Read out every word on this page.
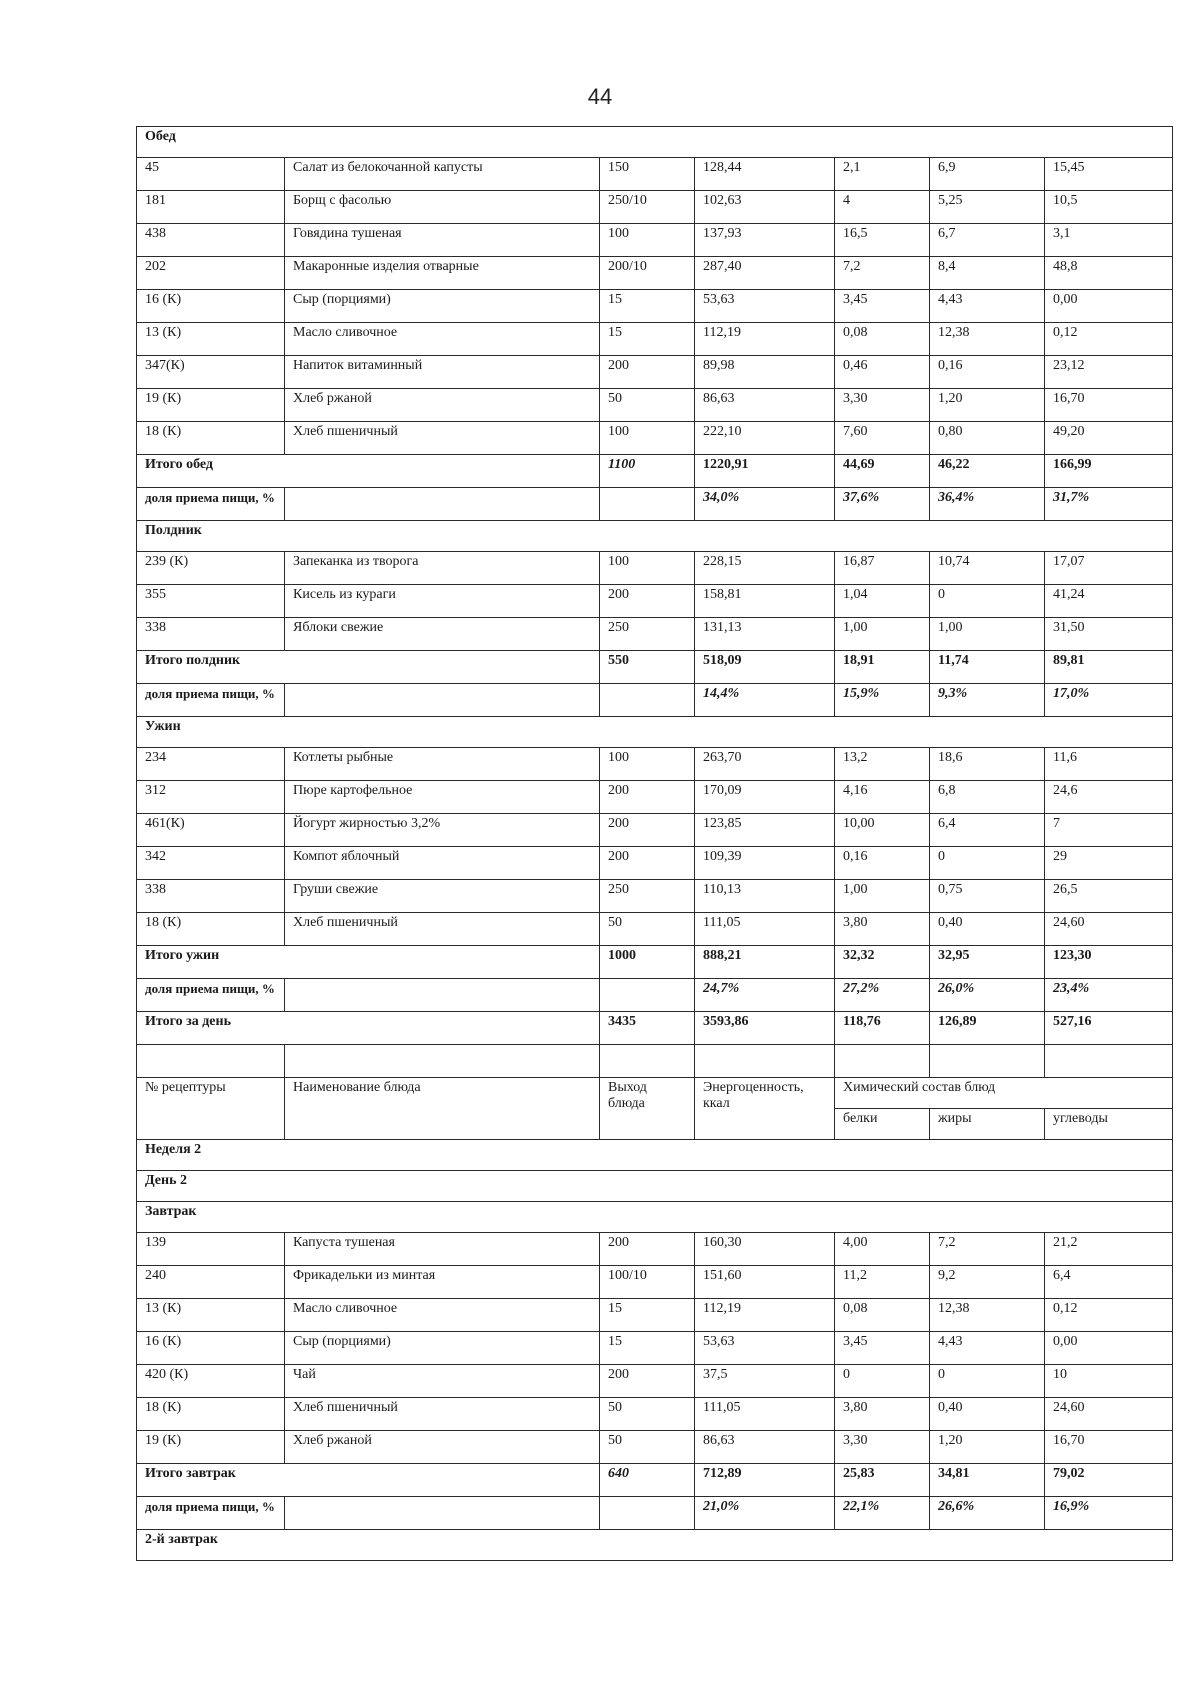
44
Обед						
45	Салат из белокочанной капусты	150	128,44	2,1	6,9	15,45
181	Борщ с фасолью	250/10	102,63	4	5,25	10,5
438	Говядина тушеная	100	137,93	16,5	6,7	3,1
202	Макаронные изделия отварные	200/10	287,40	7,2	8,4	48,8
16 (К)	Сыр (порциями)	15	53,63	3,45	4,43	0,00
13 (К)	Масло сливочное	15	112,19	0,08	12,38	0,12
347(К)	Напиток витаминный	200	89,98	0,46	0,16	23,12
19 (К)	Хлеб ржаной	50	86,63	3,30	1,20	16,70
18 (К)	Хлеб пшеничный	100	222,10	7,60	0,80	49,20
Итого обед		1100	1220,91	44,69	46,22	166,99
доля приема пищи, %			34,0%	37,6%	36,4%	31,7%
Полдник						
239 (К)	Запеканка из творога	100	228,15	16,87	10,74	17,07
355	Кисель из кураги	200	158,81	1,04	0	41,24
338	Яблоки свежие	250	131,13	1,00	1,00	31,50
Итого полдник		550	518,09	18,91	11,74	89,81
доля приема пищи, %			14,4%	15,9%	9,3%	17,0%
Ужин						
234	Котлеты рыбные	100	263,70	13,2	18,6	11,6
312	Пюре картофельное	200	170,09	4,16	6,8	24,6
461(К)	Йогурт жирностью 3,2%	200	123,85	10,00	6,4	7
342	Компот яблочный	200	109,39	0,16	0	29
338	Груши свежие	250	110,13	1,00	0,75	26,5
18 (К)	Хлеб пшеничный	50	111,05	3,80	0,40	24,60
Итого ужин		1000	888,21	32,32	32,95	123,30
доля приема пищи, %			24,7%	27,2%	26,0%	23,4%
Итого за день		3435	3593,86	118,76	126,89	527,16

№ рецептуры	Наименование блюда	Выход блюда	Энергоценность, ккал	Химический состав блюд		
				белки	жиры	углеводы
Неделя 2						
День 2						
Завтрак						
139	Капуста тушеная	200	160,30	4,00	7,2	21,2
240	Фрикадельки из минтая	100/10	151,60	11,2	9,2	6,4
13 (К)	Масло сливочное	15	112,19	0,08	12,38	0,12
16 (К)	Сыр (порциями)	15	53,63	3,45	4,43	0,00
420 (К)	Чай	200	37,5	0	0	10
18 (К)	Хлеб пшеничный	50	111,05	3,80	0,40	24,60
19 (К)	Хлеб ржаной	50	86,63	3,30	1,20	16,70
Итого завтрак		640	712,89	25,83	34,81	79,02
доля приема пищи, %			21,0%	22,1%	26,6%	16,9%
2-й завтрак						
